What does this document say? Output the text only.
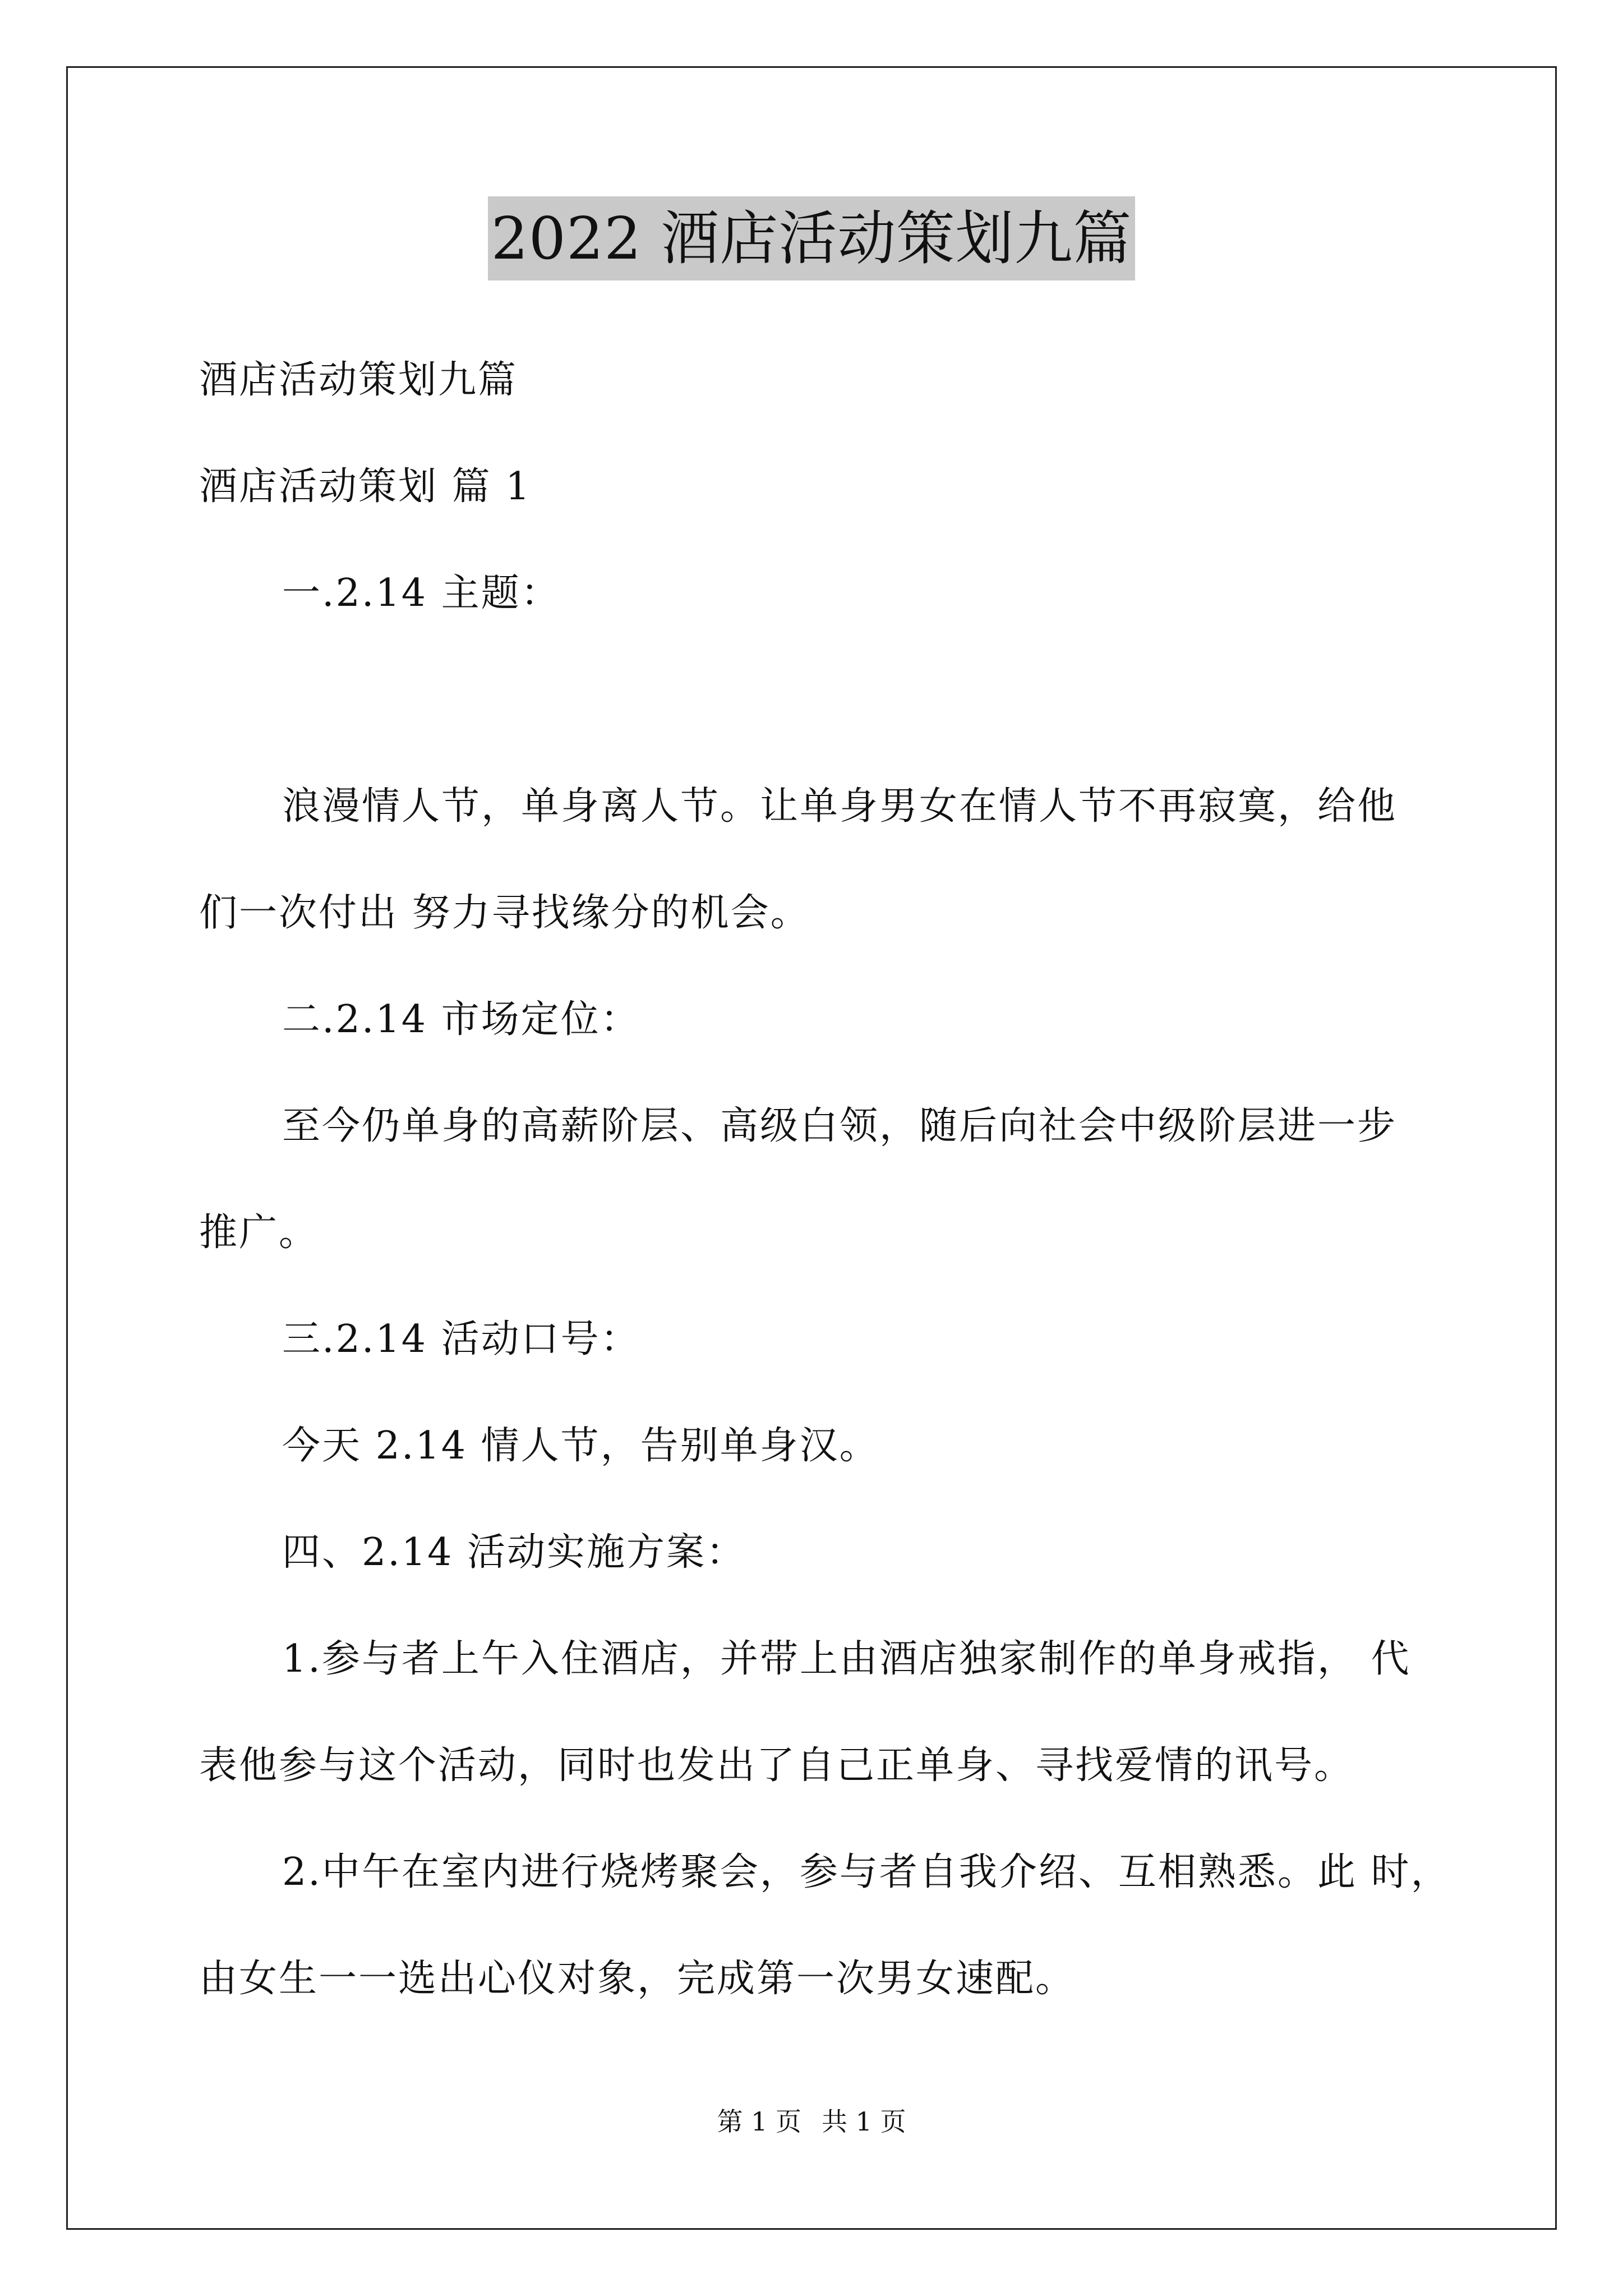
2022 酒店活动策划九篇
酒店活动策划九篇
酒店活动策划 篇 1
一.2.14 主题：
浪漫情人节，单身离人节。让单身男女在情人节不再寂寞，给他
们一次付出 努力寻找缘分的机会。
二.2.14 市场定位：
至今仍单身的高薪阶层、高级白领，随后向社会中级阶层进一步
推广。
三.2.14 活动口号：
今天 2.14 情人节，告别单身汉。
四、2.14 活动实施方案：
1.参与者上午入住酒店，并带上由酒店独家制作的单身戒指， 代
表他参与这个活动，同时也发出了自己正单身、寻找爱情的讯号。
2.中午在室内进行烧烤聚会，参与者自我介绍、互相熟悉。此 时，
由女生一一选出心仪对象，完成第一次男女速配。
第 1 页 共 1 页
